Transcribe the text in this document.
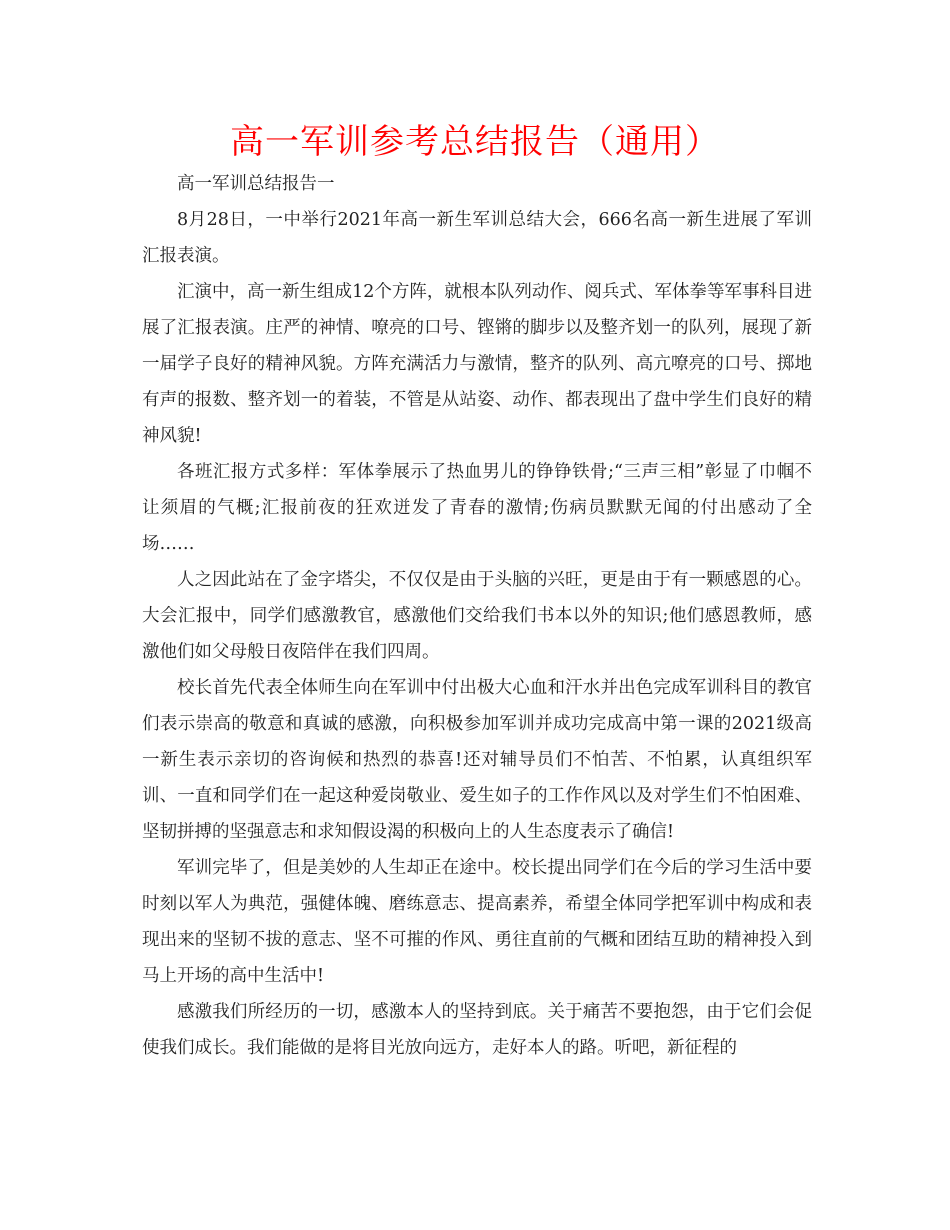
高一军训参考总结报告（通用）

高一军训总结报告一

8月28日，一中举行2021年高一新生军训总结大会，666名高一新生进展了军训汇报表演。

汇演中，高一新生组成12个方阵，就根本队列动作、阅兵式、军体拳等军事科目进展了汇报表演。庄严的神情、嘹亮的口号、铿锵的脚步以及整齐划一的队列，展现了新一届学子良好的精神风貌。方阵充满活力与激情，整齐的队列、高亢嘹亮的口号、掷地有声的报数、整齐划一的着装，不管是从站姿、动作、都表现出了盘中学生们良好的精神风貌!

各班汇报方式多样：军体拳展示了热血男儿的铮铮铁骨;“三声三相”彰显了巾帼不让须眉的气概;汇报前夜的狂欢迸发了青春的激情;伤病员默默无闻的付出感动了全场……

人之因此站在了金字塔尖，不仅仅是由于头脑的兴旺，更是由于有一颗感恩的心。大会汇报中，同学们感激教官，感激他们交给我们书本以外的知识;他们感恩教师，感激他们如父母般日夜陪伴在我们四周。

校长首先代表全体师生向在军训中付出极大心血和汗水并出色完成军训科目的教官们表示崇高的敬意和真诚的感激，向积极参加军训并成功完成高中第一课的2021级高一新生表示亲切的咨询候和热烈的恭喜!还对辅导员们不怕苦、不怕累，认真组织军训、一直和同学们在一起这种爱岗敬业、爱生如子的工作作风以及对学生们不怕困难、坚韧拼搏的坚强意志和求知假设渴的积极向上的人生态度表示了确信!

军训完毕了，但是美妙的人生却正在途中。校长提出同学们在今后的学习生活中要时刻以军人为典范，强健体魄、磨练意志、提高素养，希望全体同学把军训中构成和表现出来的坚韧不拔的意志、坚不可摧的作风、勇往直前的气概和团结互助的精神投入到马上开场的高中生活中!

感激我们所经历的一切，感激本人的坚持到底。关于痛苦不要抱怨，由于它们会促使我们成长。我们能做的是将目光放向远方，走好本人的路。听吧，新征程的
